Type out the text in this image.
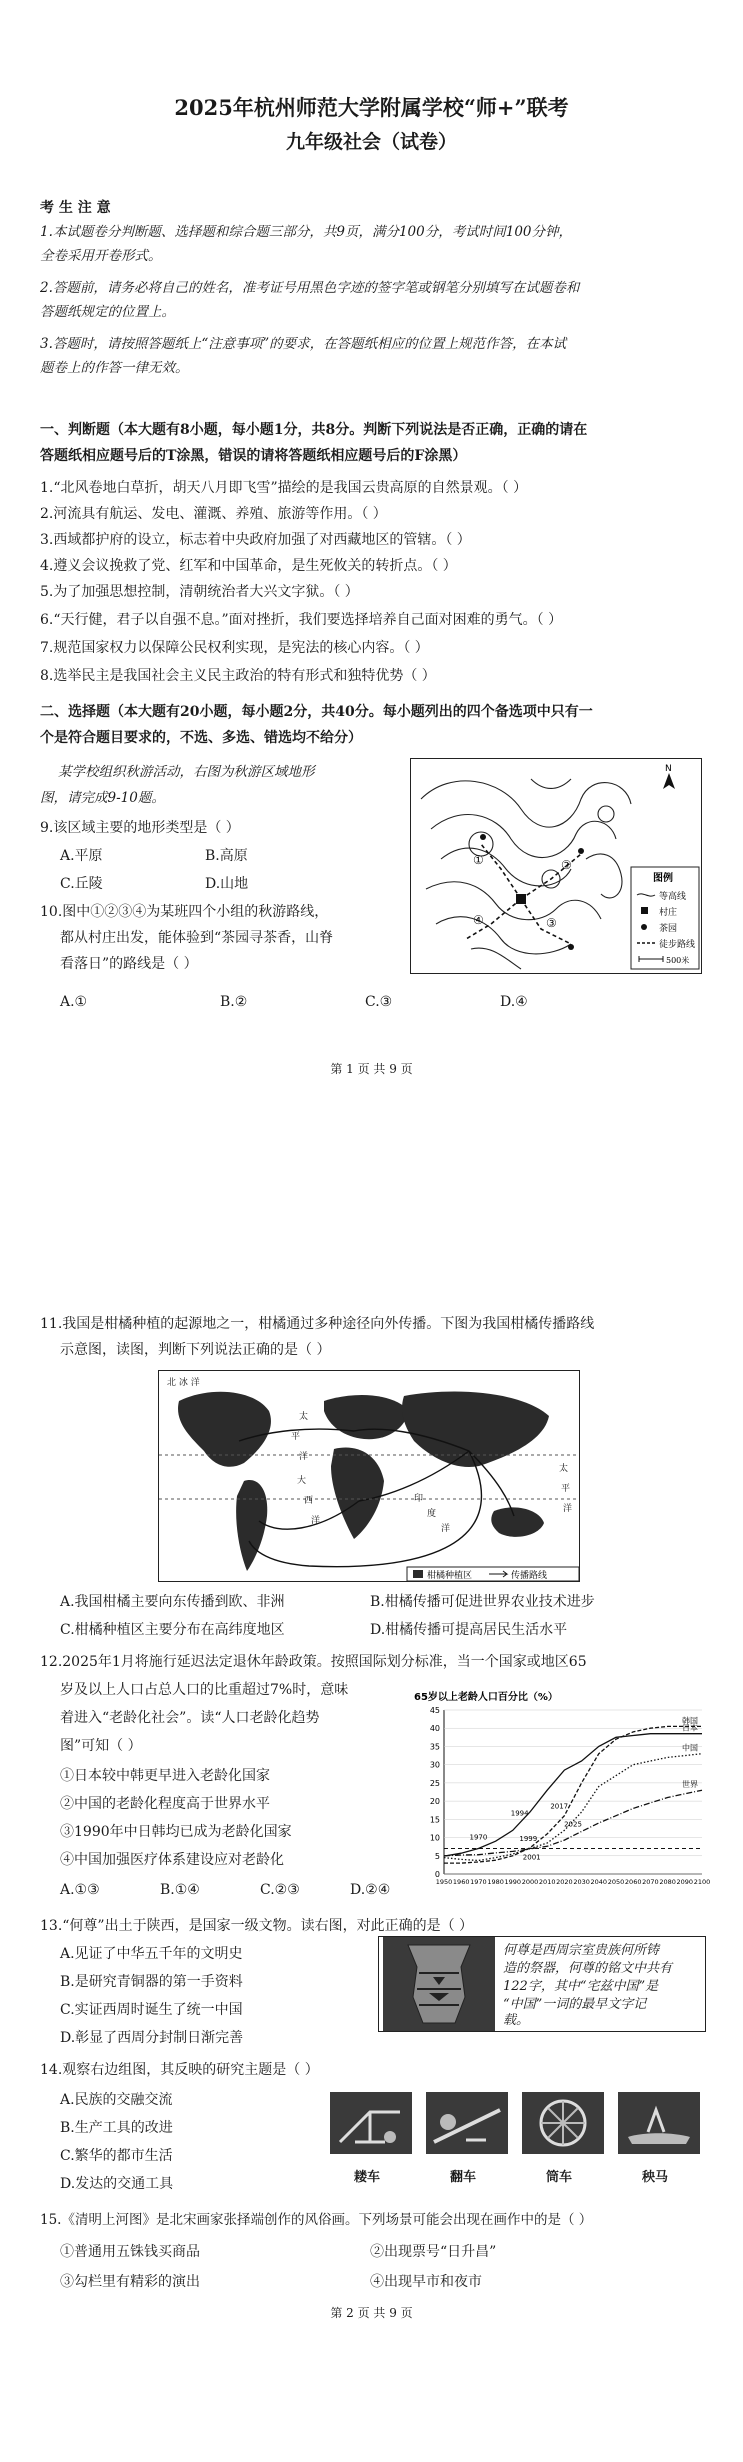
2025年杭州师范大学附属学校“师+”联考
九年级社会（试卷）
考 生 注 意
1.本试题卷分判断题、选择题和综合题三部分，共9页，满分100分，考试时间100分钟，
全卷采用开卷形式。
2.答题前，请务必将自己的姓名，准考证号用黑色字迹的签字笔或钢笔分别填写在试题卷和
答题纸规定的位置上。
3.答题时，请按照答题纸上“注意事项”的要求，在答题纸相应的位置上规范作答，在本试
题卷上的作答一律无效。
一、判断题（本大题有8小题，每小题1分，共8分。判断下列说法是否正确，正确的请在
答题纸相应题号后的T涂黑，错误的请将答题纸相应题号后的F涂黑）
1.“北风卷地白草折，胡天八月即飞雪”描绘的是我国云贵高原的自然景观。（ ）
2.河流具有航运、发电、灌溉、养殖、旅游等作用。（ ）
3.西域都护府的设立，标志着中央政府加强了对西藏地区的管辖。（ ）
4.遵义会议挽救了党、红军和中国革命，是生死攸关的转折点。（ ）
5.为了加强思想控制，清朝统治者大兴文字狱。（ ）
6.“天行健，君子以自强不息。”面对挫折，我们要选择培养自己面对困难的勇气。（ ）
7.规范国家权力以保障公民权利实现，是宪法的核心内容。（ ）
8.选举民主是我国社会主义民主政治的特有形式和独特优势（ ）
二、选择题（本大题有20小题，每小题2分，共40分。每小题列出的四个备选项中只有一
个是符合题目要求的，不选、多选、错选均不给分）
某学校组织秋游活动，右图为秋游区域地形
图，请完成9-10题。
9.该区域主要的地形类型是（ ）
A.平原	B.高原
C.丘陵	D.山地
10.图中①②③④为某班四个小组的秋游路线，
都从村庄出发，能体验到“茶园寻茶香，山脊
看落日”的路线是（ ）
A.①	B.②	C.③	D.④
①	②
③
④
N
图例
等高线
村庄
茶园
徒步路线
500米
第 1 页 共 9 页
11.我国是柑橘种植的起源地之一，柑橘通过多种途径向外传播。下图为我国柑橘传播路线
示意图，读图，判断下列说法正确的是（ ）
北 冰 洋
太
平
洋
大
西
洋
印
度
洋
太
平
洋
柑橘种植区	传播路线
A.我国柑橘主要向东传播到欧、非洲	B.柑橘传播可促进世界农业技术进步
C.柑橘种植区主要分布在高纬度地区	D.柑橘传播可提高居民生活水平
12.2025年1月将施行延迟法定退休年龄政策。按照国际划分标准，当一个国家或地区65
岁及以上人口占总人口的比重超过7%时，意味
着进入“老龄化社会”。读“人口老龄化趋势
图”可知（ ）
①日本较中韩更早进入老龄化国家
②中国的老龄化程度高于世界水平
③1990年中日韩均已成为老龄化国家
④中国加强医疗体系建设应对老龄化
A.①③	B.①④	C.②③	D.②④
65岁以上老龄人口百分比（%）
0
5
10
15
20
25
30
35
40
45
1950 1960 1970 1980 1990 2000 2010 2020 2030 2040 2050 2060 2070 2080 2090 2100
日本
韩国
中国
世界
2025
2017
1999
1994
1970
2001
13.“何尊”出土于陕西，是国家一级文物。读右图，对此正确的是（ ）
A.见证了中华五千年的文明史
B.是研究青铜器的第一手资料
C.实证西周时诞生了统一中国
D.彰显了西周分封制日渐完善
何尊是西周宗室贵族何所铸
造的祭器，何尊的铭文中共有
122字，其中“宅兹中国”是
“中国”一词的最早文字记
载。
14.观察右边组图，其反映的研究主题是（ ）
A.民族的交融交流
B.生产工具的改进
C.繁华的都市生活
D.发达的交通工具	耧车	翻车	筒车	秧马
15.《清明上河图》是北宋画家张择端创作的风俗画。下列场景可能会出现在画作中的是（ ）
①普通用五铢钱买商品	②出现票号“日升昌”
③勾栏里有精彩的演出	④出现早市和夜市
第 2 页 共 9 页
